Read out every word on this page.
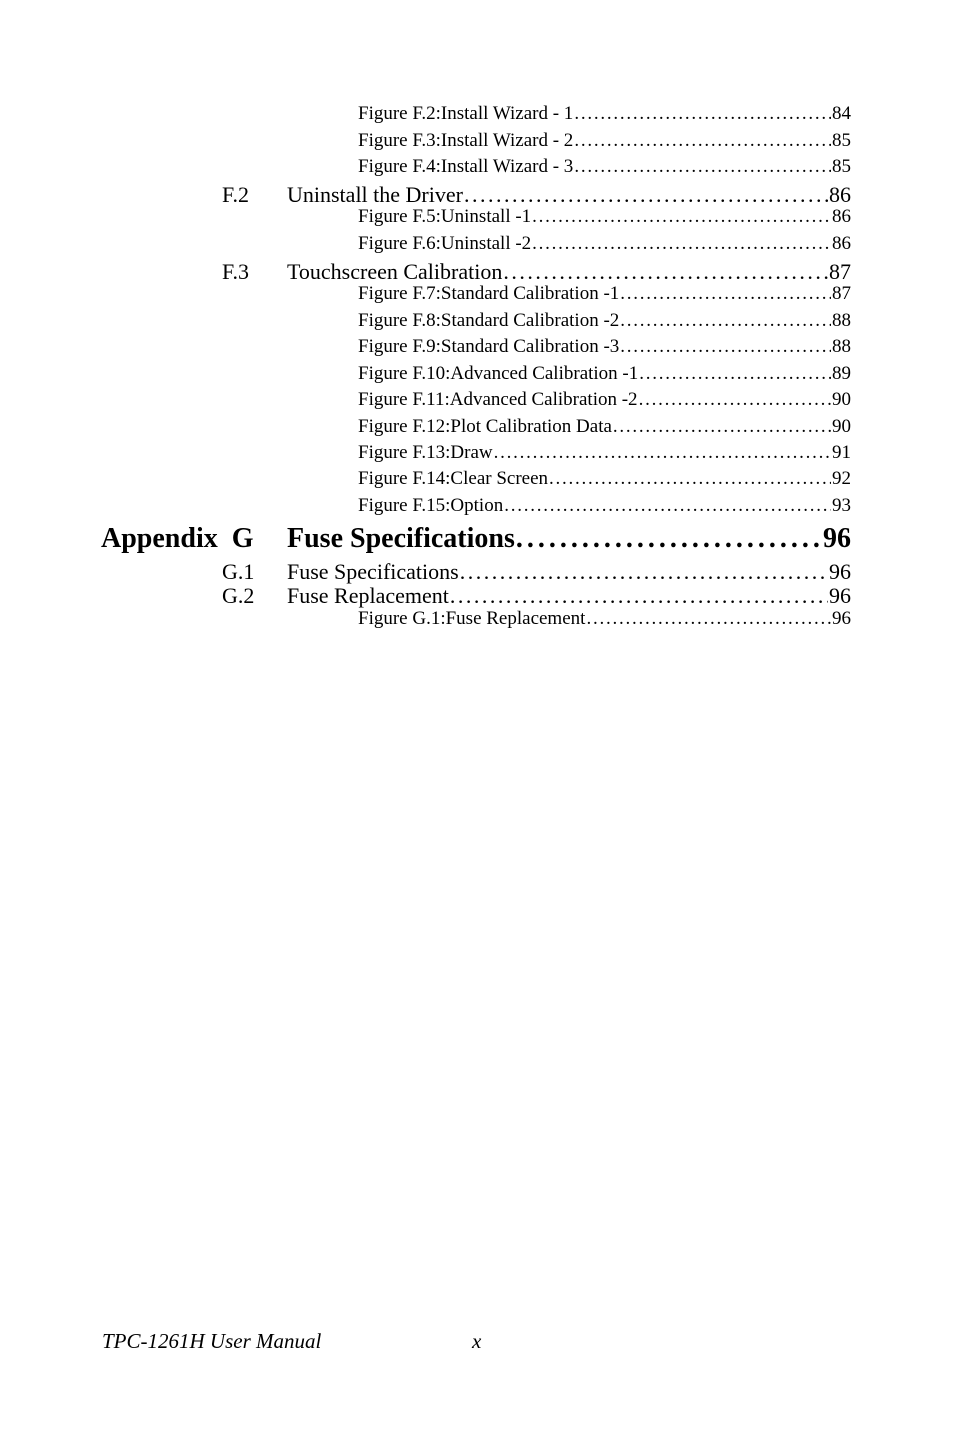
Figure F.2:Install Wizard - 1 . . .	84
Figure F.3:Install Wizard - 2 . . .	85
Figure F.4:Install Wizard - 3 . . .	85
F.2 Uninstall the Driver . . .	86
Figure F.5:Uninstall -1 . . .	86
Figure F.6:Uninstall -2 . . .	86
F.3 Touchscreen Calibration . . .	87
Figure F.7:Standard Calibration -1 . . .	87
Figure F.8:Standard Calibration -2 . . .	88
Figure F.9:Standard Calibration -3 . . .	88
Figure F.10:Advanced Calibration -1 . . .	89
Figure F.11:Advanced Calibration -2 . . .	90
Figure F.12:Plot Calibration Data . . .	90
Figure F.13:Draw . . .	91
Figure F.14:Clear Screen . . .	92
Figure F.15:Option . . .	93
Appendix  G Fuse Specifications . . .	96
G.1 Fuse Specifications . . .	96
G.2 Fuse Replacement . . .	96
Figure G.1:Fuse Replacement . . .	96
TPC-1261H User Manual	x
